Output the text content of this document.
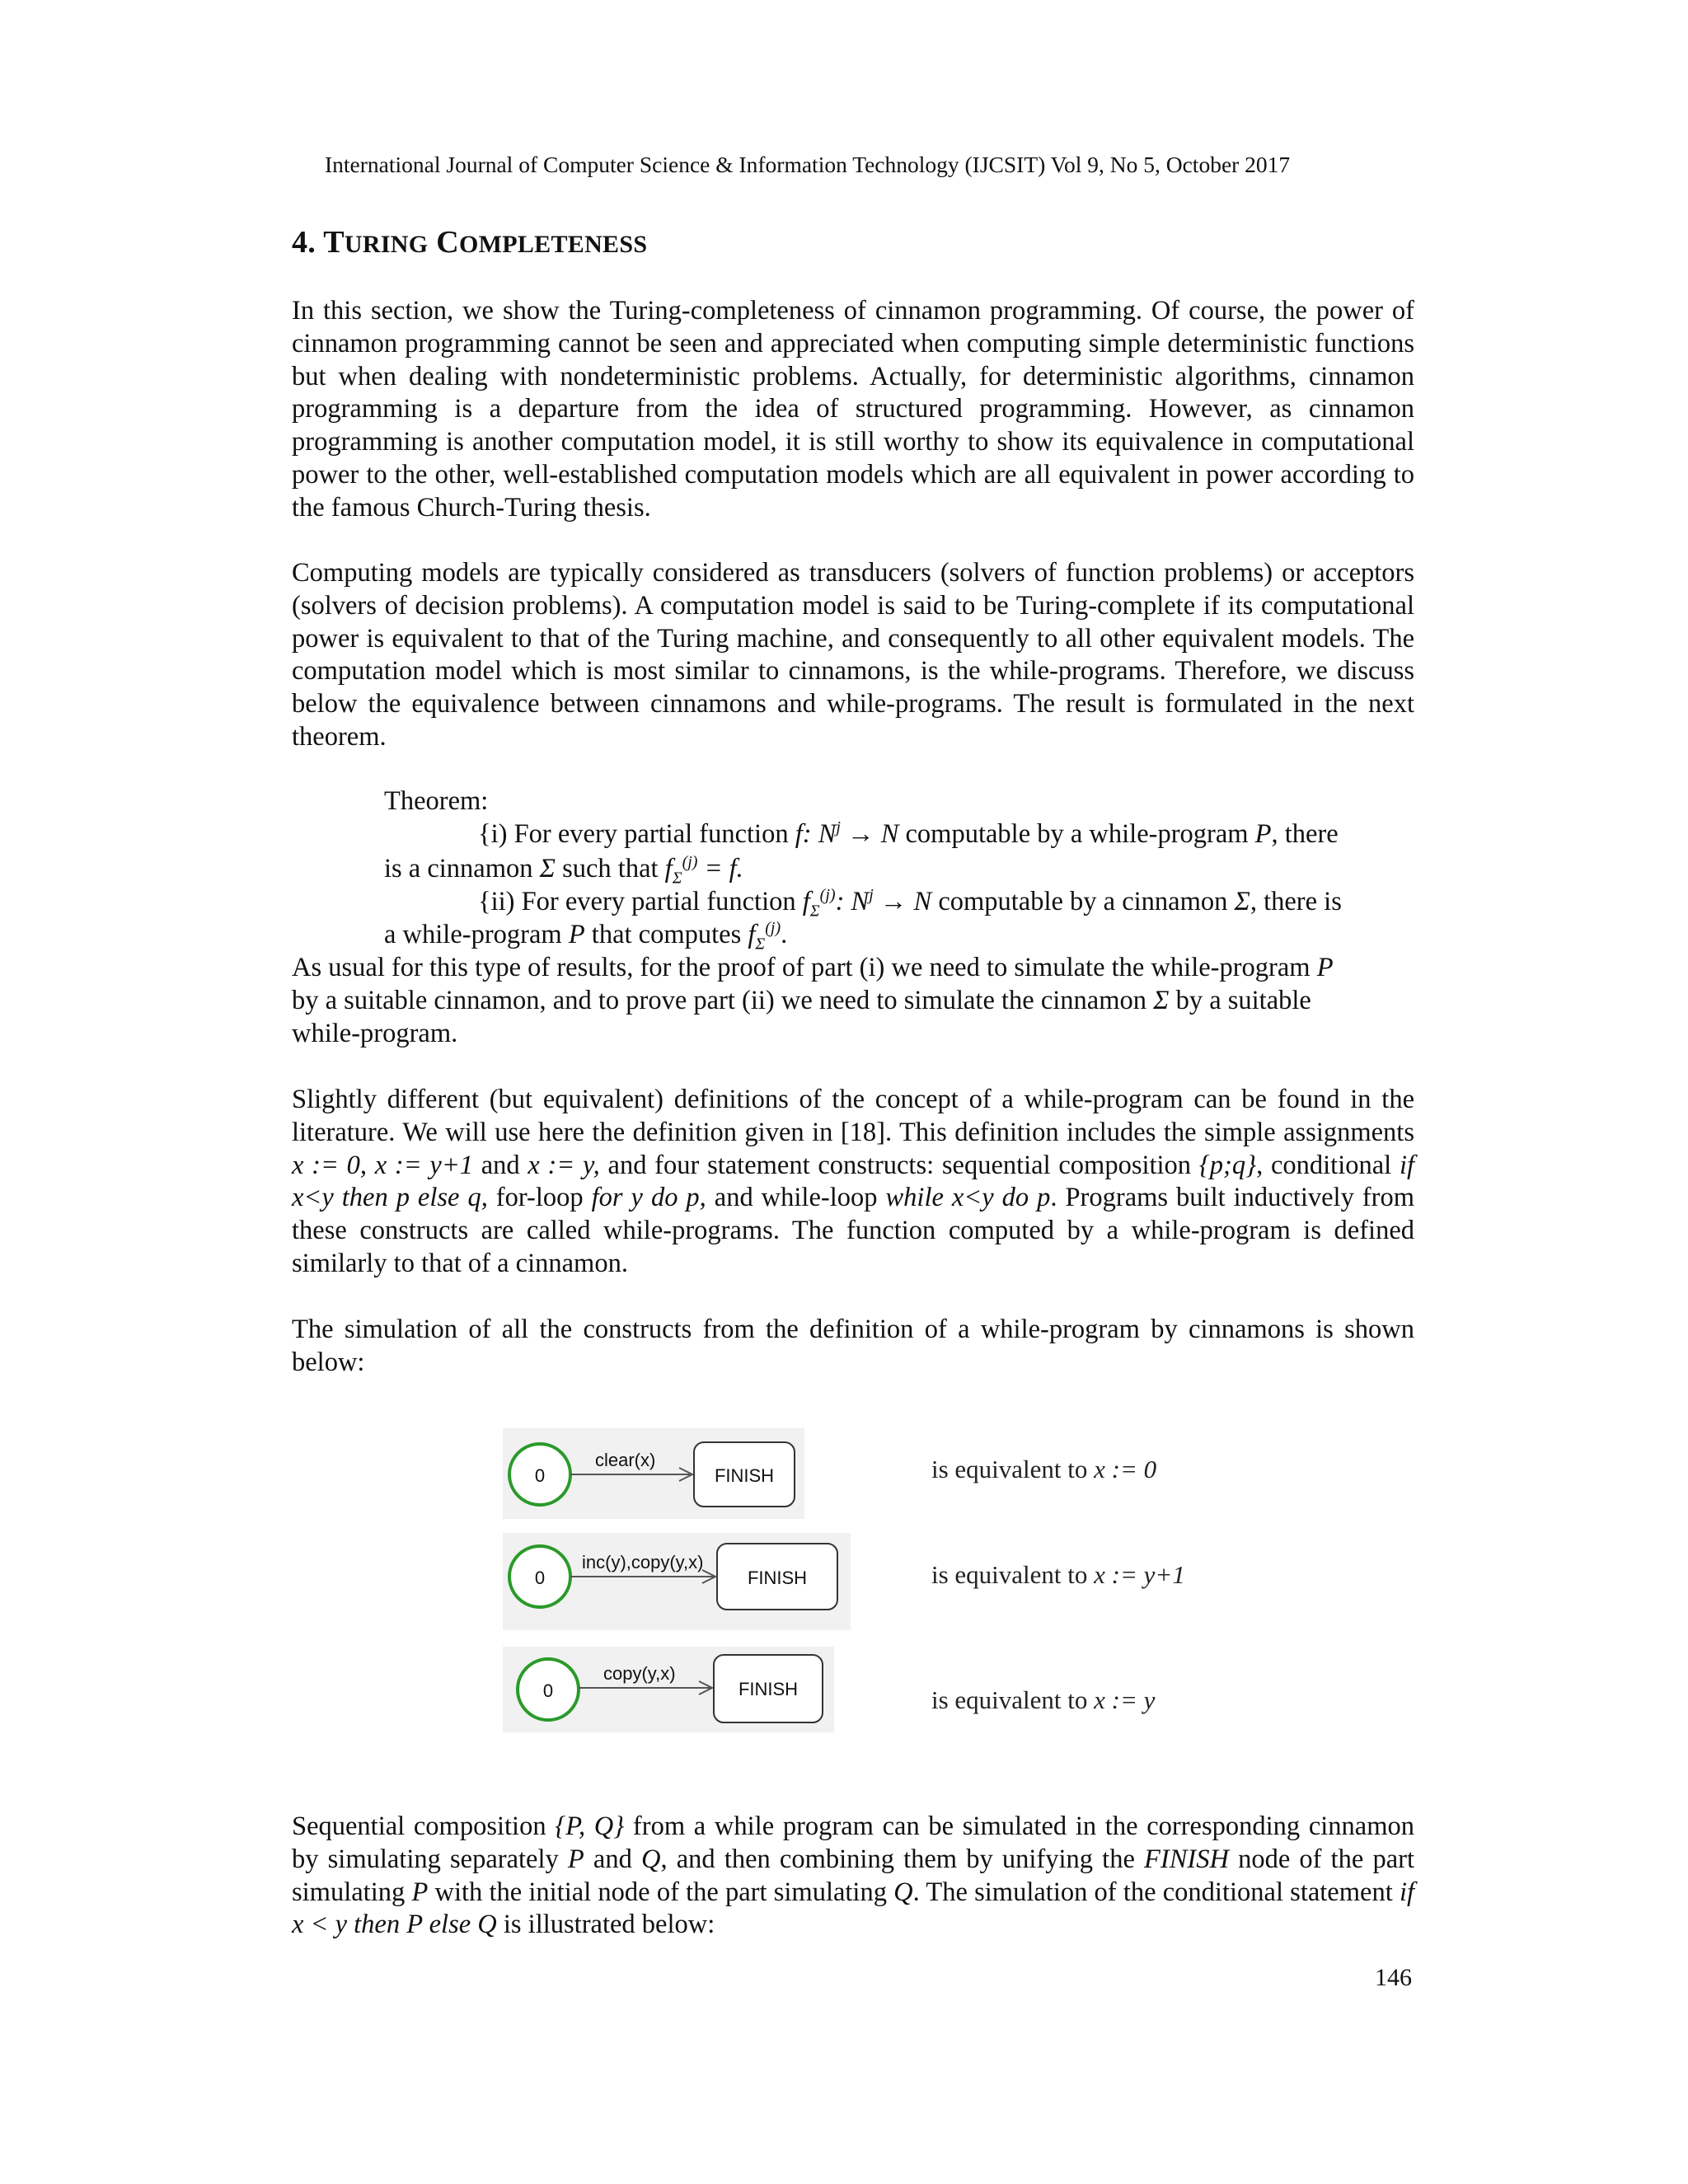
International Journal of Computer Science & Information Technology (IJCSIT) Vol 9, No 5, October 2017
4. TURING COMPLETENESS
In this section, we show the Turing-completeness of cinnamon programming. Of course, the power of cinnamon programming cannot be seen and appreciated when computing simple deterministic functions but when dealing with nondeterministic problems. Actually, for deterministic algorithms, cinnamon programming is a departure from the idea of structured programming. However, as cinnamon programming is another computation model, it is still worthy to show its equivalence in computational power to the other, well-established computation models which are all equivalent in power according to the famous Church-Turing thesis.
Computing models are typically considered as transducers (solvers of function problems) or acceptors (solvers of decision problems). A computation model is said to be Turing-complete if its computational power is equivalent to that of the Turing machine, and consequently to all other equivalent models. The computation model which is most similar to cinnamons, is the while-programs. Therefore, we discuss below the equivalence between cinnamons and while-programs. The result is formulated in the next theorem.
Theorem:
{i) For every partial function f: $N^j \to N$ computable by a while-program P, there
is a cinnamon Σ such that $f_\Sigma^{(j)} = f$.
{ii) For every partial function $f_\Sigma^{(j)}$: $N^j \to N$ computable by a cinnamon Σ, there is
a while-program P that computes $f_\Sigma^{(j)}$.
As usual for this type of results, for the proof of part (i) we need to simulate the while-program P
by a suitable cinnamon, and to prove part (ii) we need to simulate the cinnamon Σ by a suitable
while-program.
Slightly different (but equivalent) definitions of the concept of a while-program can be found in the literature. We will use here the definition given in [18]. This definition includes the simple assignments x := 0, x := y+1 and x := y, and four statement constructs: sequential composition {p;q}, conditional if x<y then p else q, for-loop for y do p, and while-loop while x<y do p. Programs built inductively from these constructs are called while-programs. The function computed by a while-program is defined similarly to that of a cinnamon.
The simulation of all the constructs from the definition of a while-program by cinnamons is shown below:
0
clear(x)
FINISH	is equivalent to x := 0
0
inc(y),copy(y,x)
FINISH	is equivalent to x := y+1
0
copy(y,x)
FINISH	is equivalent to x := y
Sequential composition {P, Q} from a while program can be simulated in the corresponding cinnamon by simulating separately P and Q, and then combining them by unifying the FINISH node of the part simulating P with the initial node of the part simulating Q. The simulation of the conditional statement if x < y then P else Q is illustrated below:
146
